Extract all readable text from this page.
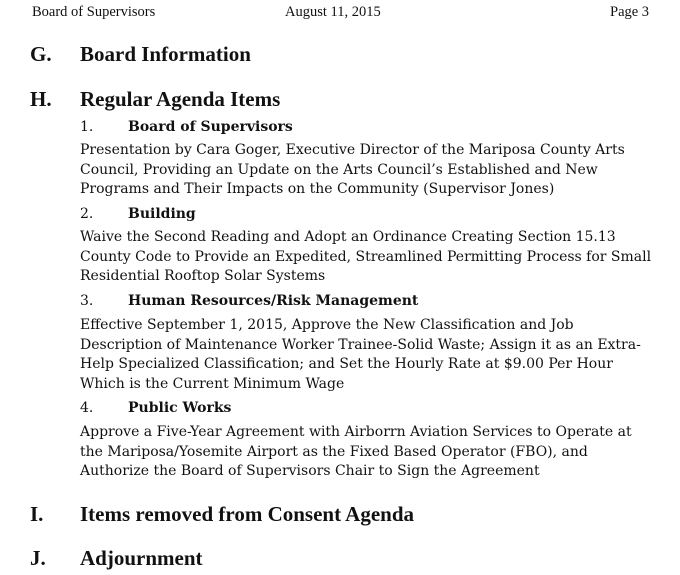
Board of Supervisors	August 11, 2015	Page 3
G. Board Information
H. Regular Agenda Items
1. Board of Supervisors
Presentation by Cara Goger, Executive Director of the Mariposa County Arts
Council, Providing an Update on the Arts Council’s Established and New
Programs and Their Impacts on the Community (Supervisor Jones)
2. Building
Waive the Second Reading and Adopt an Ordinance Creating Section 15.13
County Code to Provide an Expedited, Streamlined Permitting Process for Small
Residential Rooftop Solar Systems
3. Human Resources/Risk Management
Effective September 1, 2015, Approve the New Classification and Job
Description of Maintenance Worker Trainee-Solid Waste; Assign it as an Extra-
Help Specialized Classification; and Set the Hourly Rate at $9.00 Per Hour
Which is the Current Minimum Wage
4. Public Works
Approve a Five-Year Agreement with Airborrn Aviation Services to Operate at
the Mariposa/Yosemite Airport as the Fixed Based Operator (FBO), and
Authorize the Board of Supervisors Chair to Sign the Agreement
I. Items removed from Consent Agenda
J. Adjournment
